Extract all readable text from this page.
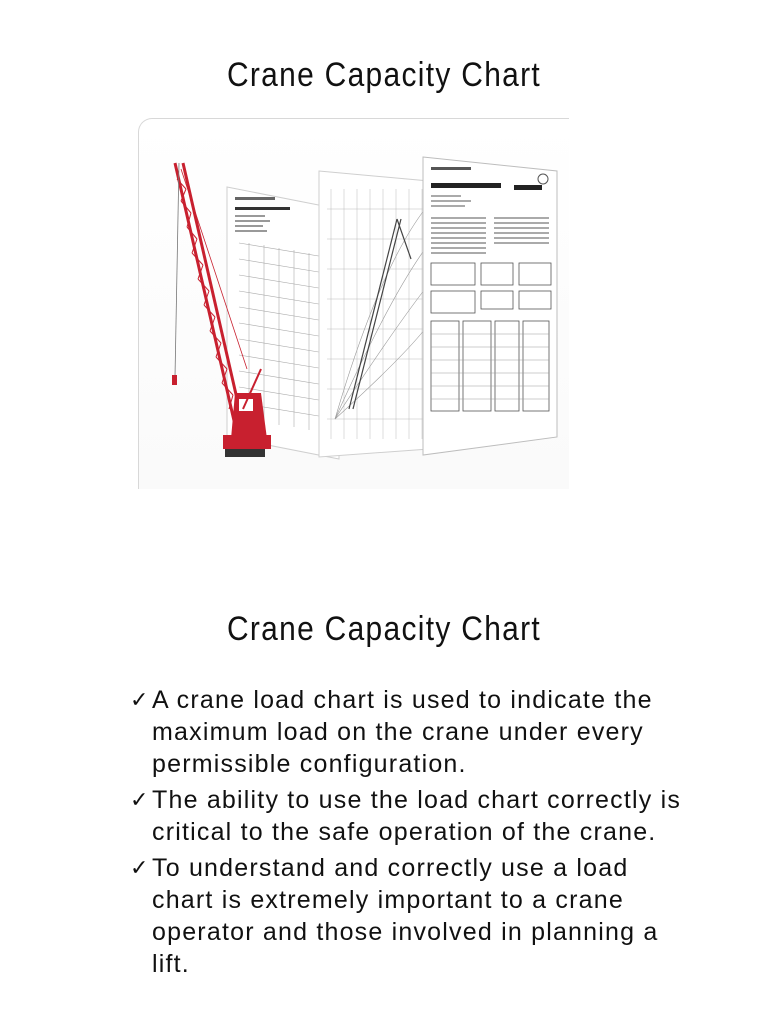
Crane Capacity Chart
Crane Capacity Chart
✓ A crane load chart is used to indicate the maximum load on the crane under every permissible configuration.
✓ The ability to use the load chart correctly is critical to the safe operation of the crane.
✓ To understand and correctly use a load chart is extremely important to a crane operator and those involved in planning a lift.
